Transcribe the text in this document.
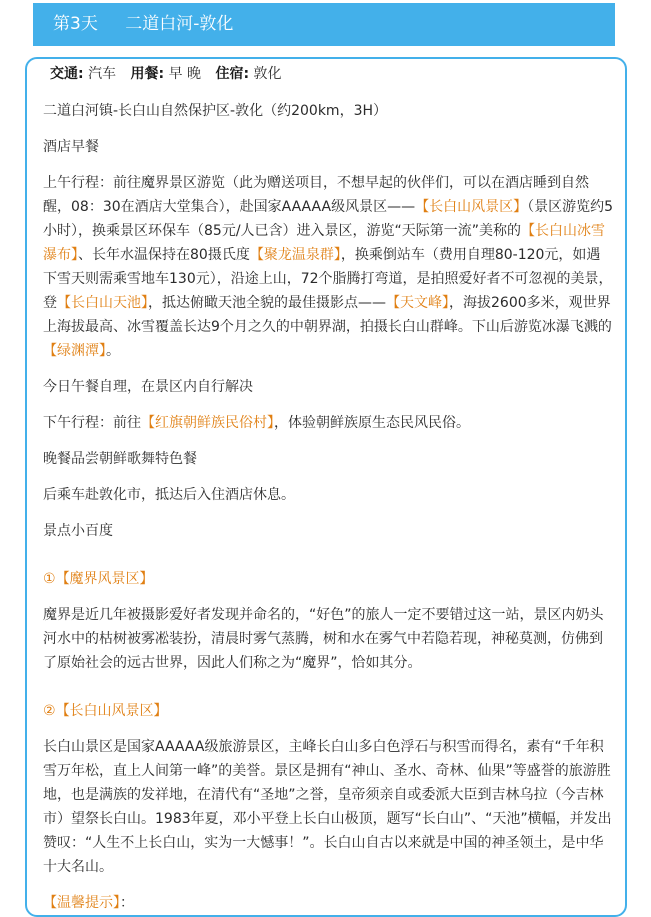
第3天 二道白河-敦化
交通: 汽车 用餐: 早 晚 住宿: 敦化

二道白河镇-长白山自然保护区-敦化（约200km，3H）

酒店早餐

上午行程：前往魔界景区游览（此为赠送项目，不想早起的伙伴们，可以在酒店睡到自然醒，08：30在酒店大堂集合），赴国家AAAAA级风景区——【长白山风景区】（景区游览约5小时），换乘景区环保车（85元/人已含）进入景区，游览“天际第一流”美称的【长白山冰雪瀑布】、长年水温保持在80摄氏度【聚龙温泉群】，换乘倒站车（费用自理80-120元，如遇下雪天则需乘雪地车130元），沿途上山，72个脂腾打弯道，是拍照爱好者不可忽视的美景，登【长白山天池】，抵达俯瞰天池全貌的最佳摄影点——【天文峰】，海拔2600多米，观世界上海拔最高、冰雪覆盖长达9个月之久的中朝界湖，拍摄长白山群峰。下山后游览冰瀑飞溅的【绿渊潭】。

今日午餐自理，在景区内自行解决

下午行程：前往【红旗朝鲜族民俗村】，体验朝鲜族原生态民风民俗。

晚餐品尝朝鲜歌舞特色餐

后乘车赴敦化市，抵达后入住酒店休息。

景点小百度

①【魔界风景区】

魔界是近几年被摄影爱好者发现并命名的，“好色”的旅人一定不要错过这一站，景区内奶头河水中的枯树被雾凇装扮，清晨时雾气蒸腾，树和水在雾气中若隐若现，神秘莫测，仿佛到了原始社会的远古世界，因此人们称之为“魔界”，恰如其分。

②【长白山风景区】

长白山景区是国家AAAAA级旅游景区，主峰长白山多白色浮石与积雪而得名，素有“千年积雪万年松，直上人间第一峰”的美誉。景区是拥有“神山、圣水、奇林、仙果”等盛誉的旅游胜地，也是满族的发祥地，在清代有“圣地”之誉，皇帝须亲自或委派大臣到吉林乌拉（今吉林市）望祭长白山。1983年夏，邓小平登上长白山极顶，题写“长白山”、“天池”横幅，并发出赞叹：“人生不上长白山，实为一大憾事！”。长白山自古以来就是中国的神圣领土，是中华十大名山。

【温馨提示】：
